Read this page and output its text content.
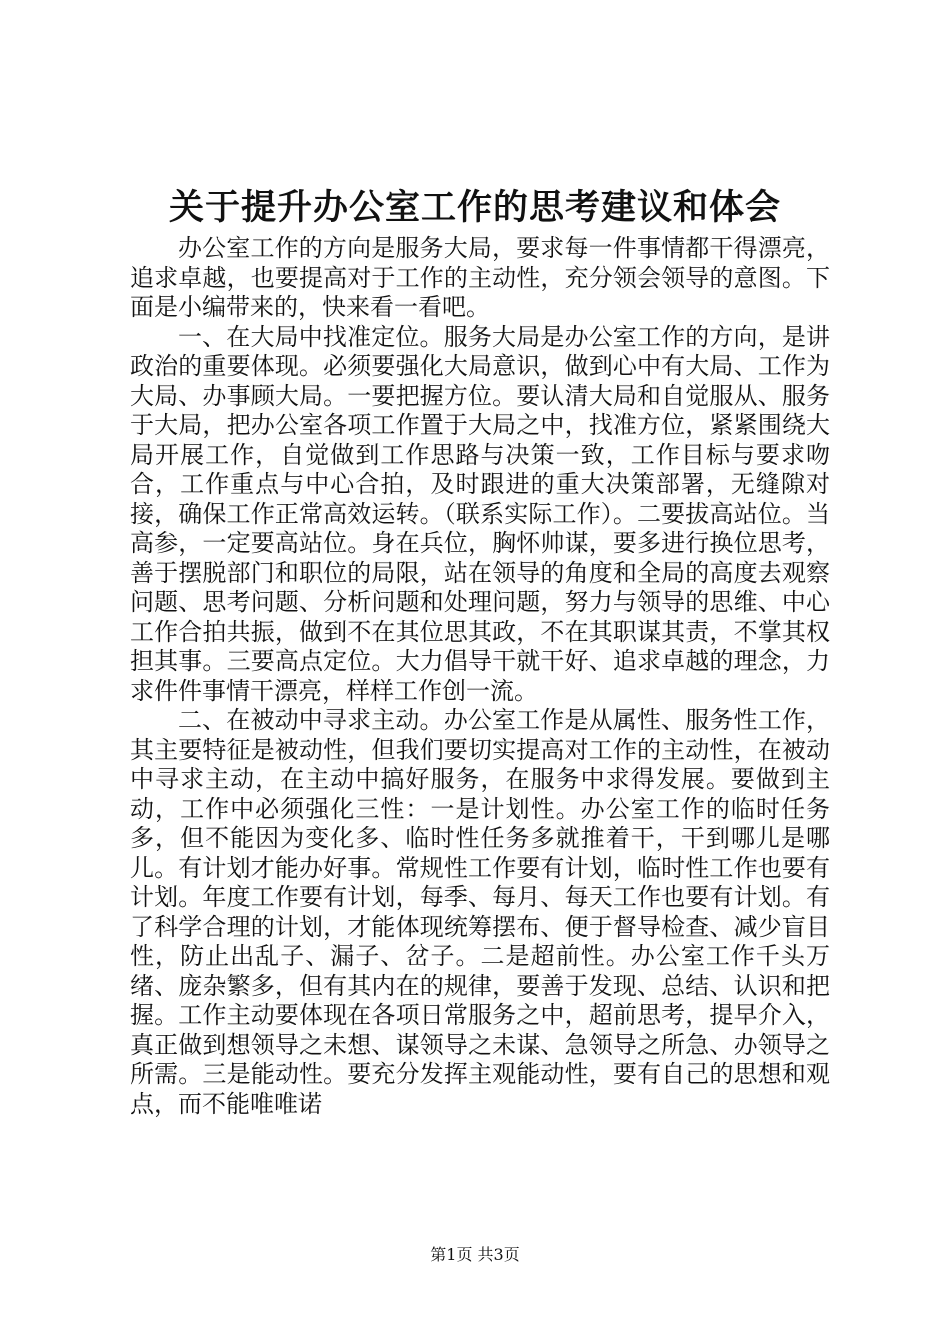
关于提升办公室工作的思考建议和体会

办公室工作的方向是服务大局，要求每一件事情都干得漂亮，追求卓越，也要提高对于工作的主动性，充分领会领导的意图。下面是小编带来的，快来看一看吧。

一、在大局中找准定位。服务大局是办公室工作的方向，是讲政治的重要体现。必须要强化大局意识，做到心中有大局、工作为大局、办事顾大局。一要把握方位。要认清大局和自觉服从、服务于大局，把办公室各项工作置于大局之中，找准方位，紧紧围绕大局开展工作，自觉做到工作思路与决策一致，工作目标与要求吻合，工作重点与中心合拍，及时跟进的重大决策部署，无缝隙对接，确保工作正常高效运转。（联系实际工作）。二要拔高站位。当高参，一定要高站位。身在兵位，胸怀帅谋，要多进行换位思考，善于摆脱部门和职位的局限，站在领导的角度和全局的高度去观察问题、思考问题、分析问题和处理问题，努力与领导的思维、中心工作合拍共振，做到不在其位思其政，不在其职谋其责，不掌其权担其事。三要高点定位。大力倡导干就干好、追求卓越的理念，力求件件事情干漂亮，样样工作创一流。

二、在被动中寻求主动。办公室工作是从属性、服务性工作，其主要特征是被动性，但我们要切实提高对工作的主动性，在被动中寻求主动，在主动中搞好服务，在服务中求得发展。要做到主动，工作中必须强化三性：一是计划性。办公室工作的临时任务多，但不能因为变化多、临时性任务多就推着干，干到哪儿是哪儿。有计划才能办好事。常规性工作要有计划，临时性工作也要有计划。年度工作要有计划，每季、每月、每天工作也要有计划。有了科学合理的计划，才能体现统筹摆布、便于督导检查、减少盲目性，防止出乱子、漏子、岔子。二是超前性。办公室工作千头万绪、庞杂繁多，但有其内在的规律，要善于发现、总结、认识和把握。工作主动要体现在各项日常服务之中，超前思考，提早介入，真正做到想领导之未想、谋领导之未谋、急领导之所急、办领导之所需。三是能动性。要充分发挥主观能动性，要有自己的思想和观点，而不能唯唯诺

第1页 共3页
